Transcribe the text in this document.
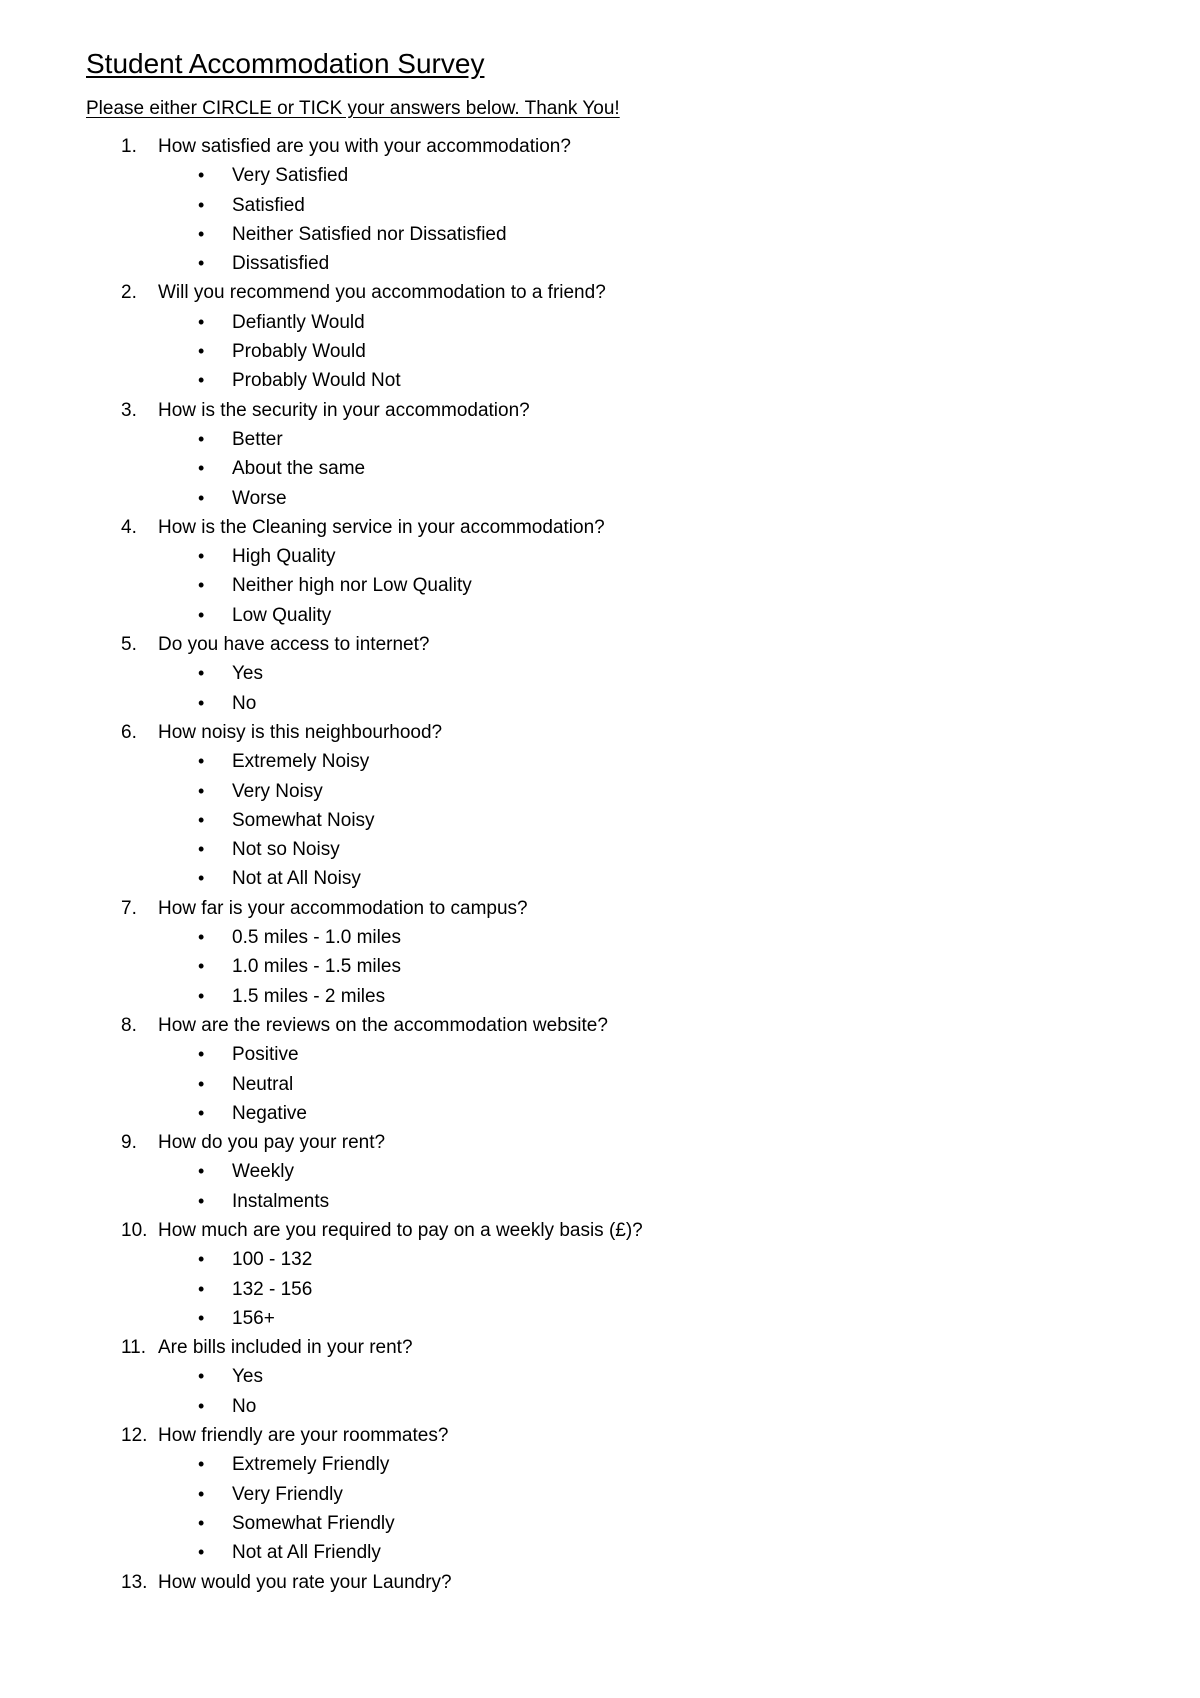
Student Accommodation Survey
Please either CIRCLE or TICK your answers below. Thank You!
1.	How satisfied are you with your accommodation?
• Very Satisfied
• Satisfied
• Neither Satisfied nor Dissatisfied
• Dissatisfied
2.	Will you recommend you accommodation to a friend?
• Defiantly Would
• Probably Would
• Probably Would Not
3.	How is the security in your accommodation?
• Better
• About the same
• Worse
4.	How is the Cleaning service in your accommodation?
• High Quality
• Neither high nor Low Quality
• Low Quality
5.	Do you have access to internet?
• Yes
• No
6.	How noisy is this neighbourhood?
• Extremely Noisy
• Very Noisy
• Somewhat Noisy
• Not so Noisy
• Not at All Noisy
7.	How far is your accommodation to campus?
• 0.5 miles - 1.0 miles
• 1.0 miles - 1.5 miles
• 1.5 miles - 2 miles
8.	How are the reviews on the accommodation website?
• Positive
• Neutral
• Negative
9.	How do you pay your rent?
• Weekly
• Instalments
10. How much are you required to pay on a weekly basis (£)?
• 100 - 132
• 132 - 156
• 156+
11. Are bills included in your rent?
• Yes
• No
12. How friendly are your roommates?
• Extremely Friendly
• Very Friendly
• Somewhat Friendly
• Not at All Friendly
13. How would you rate your Laundry?
